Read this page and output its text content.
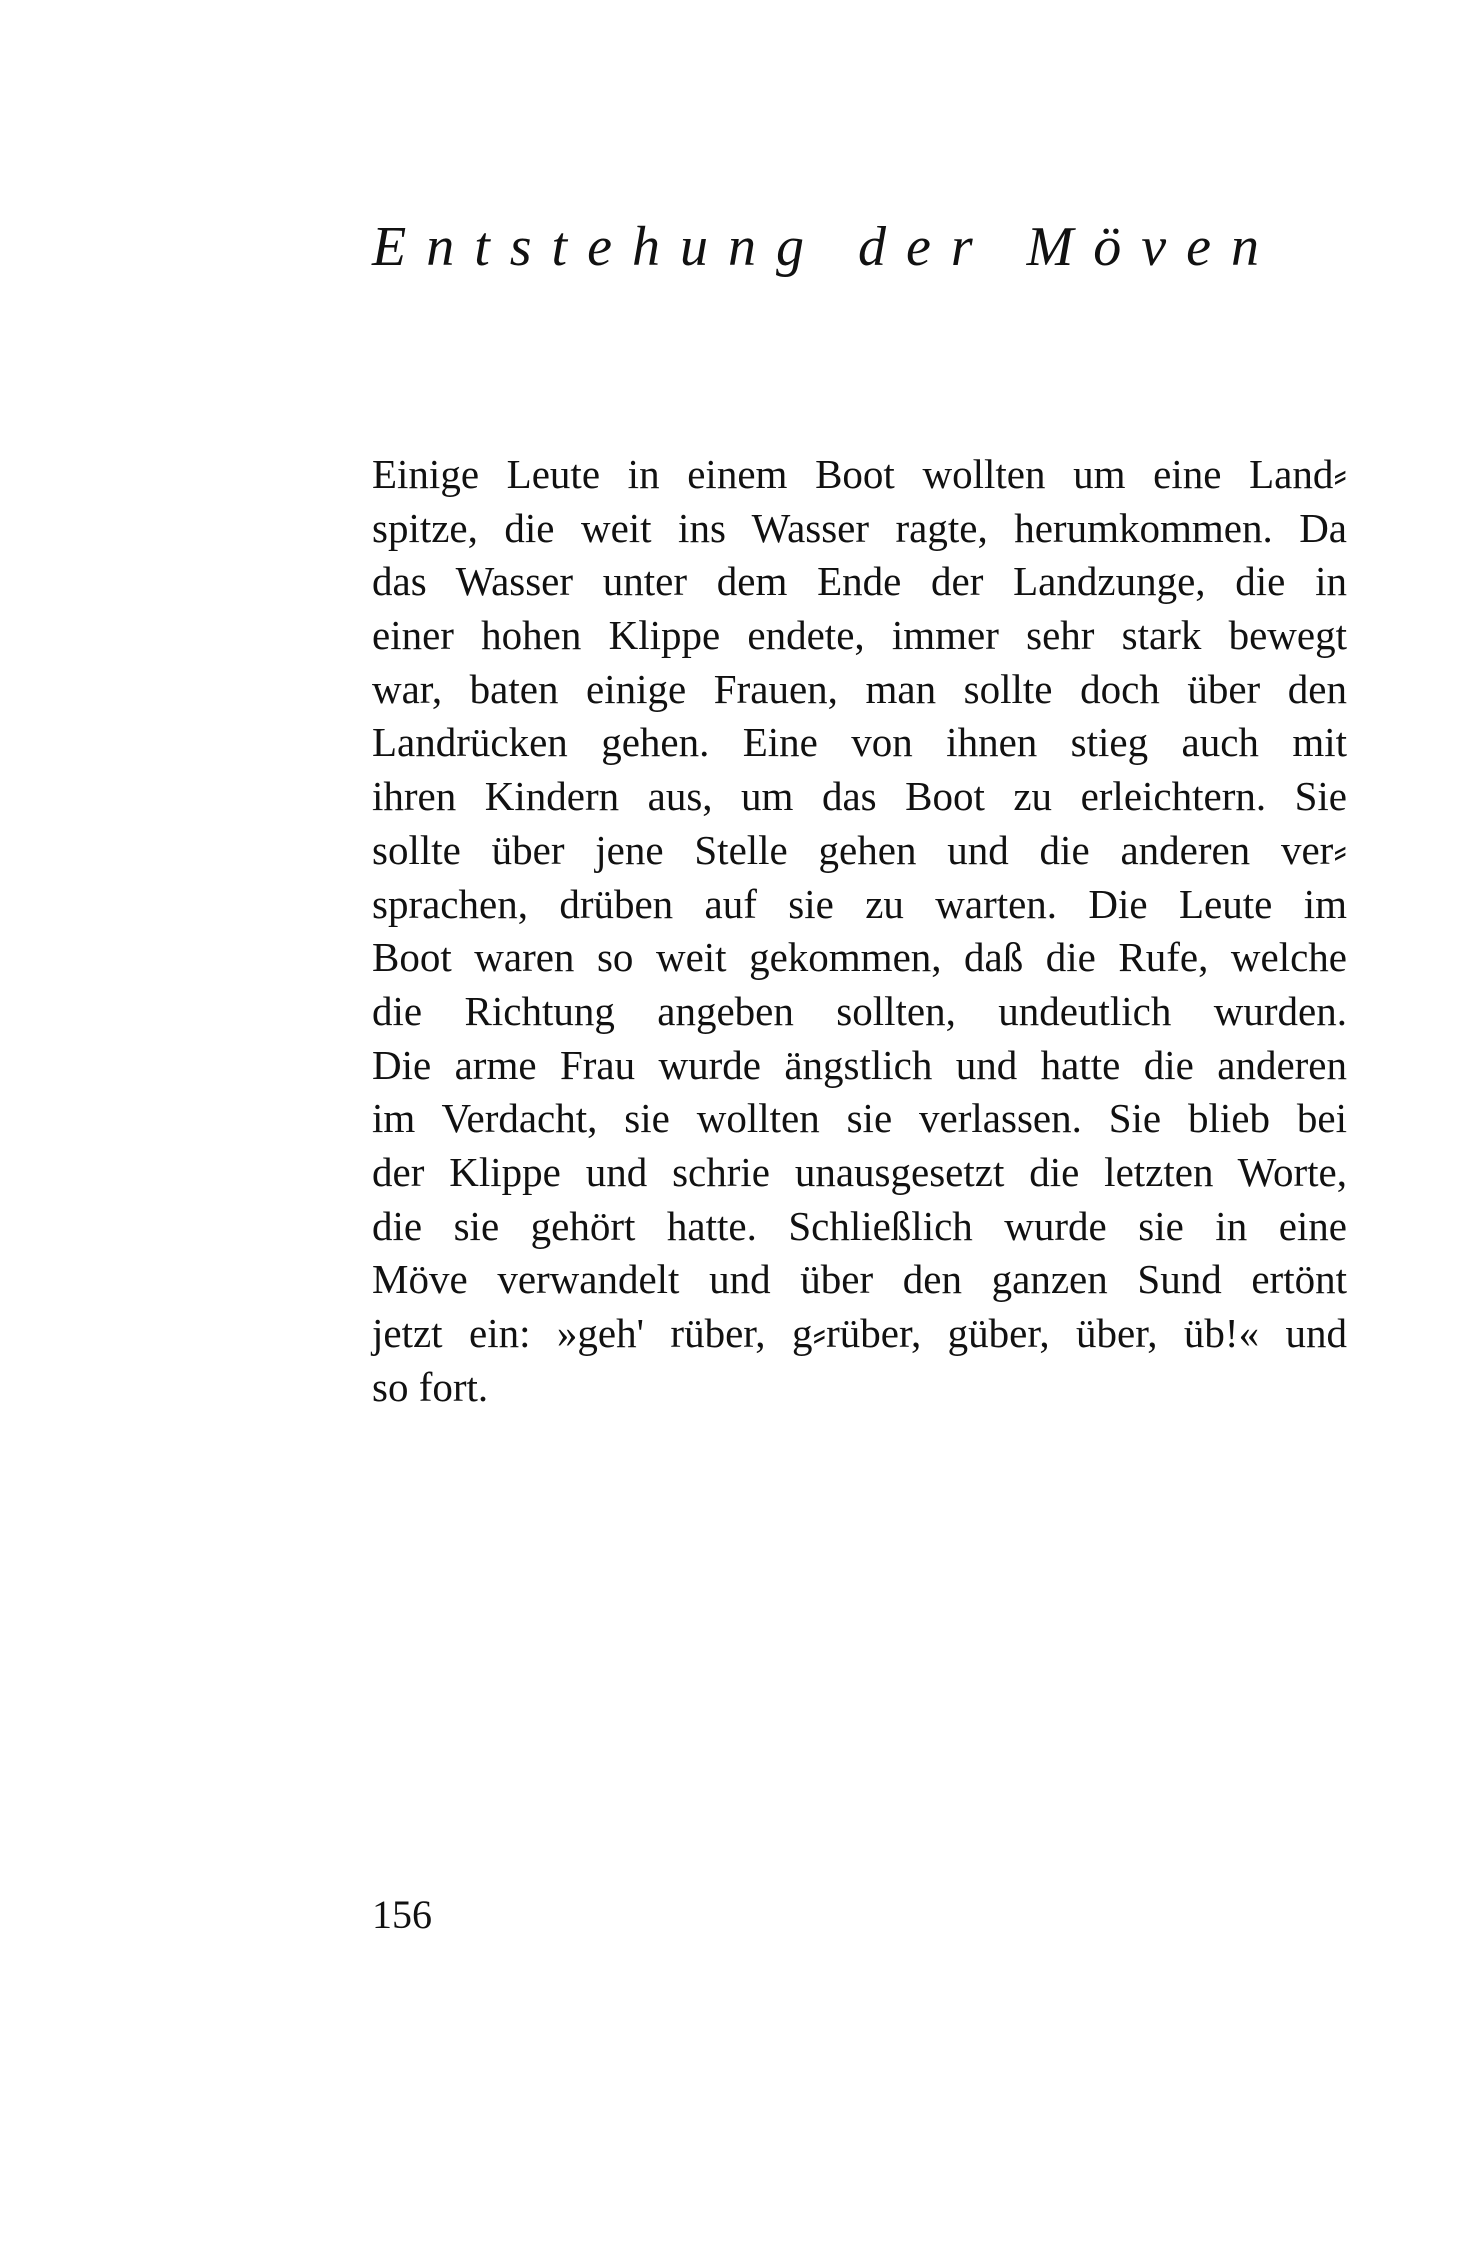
Entstehung der Möven
Einige Leute in einem Boot wollten um eine Land⸗
spitze, die weit ins Wasser ragte, herumkommen. Da
das Wasser unter dem Ende der Landzunge, die in
einer hohen Klippe endete, immer sehr stark bewegt
war, baten einige Frauen, man sollte doch über den
Landrücken gehen. Eine von ihnen stieg auch mit
ihren Kindern aus, um das Boot zu erleichtern. Sie
sollte über jene Stelle gehen und die anderen ver⸗
sprachen, drüben auf sie zu warten. Die Leute im
Boot waren so weit gekommen, daß die Rufe, welche
die Richtung angeben sollten, undeutlich wurden.
Die arme Frau wurde ängstlich und hatte die anderen
im Verdacht, sie wollten sie verlassen. Sie blieb bei
der Klippe und schrie unausgesetzt die letzten Worte,
die sie gehört hatte. Schließlich wurde sie in eine
Möve verwandelt und über den ganzen Sund ertönt
jetzt ein: »geh' rüber, g⸗rüber, güber, über, üb!« und
so fort.
156
